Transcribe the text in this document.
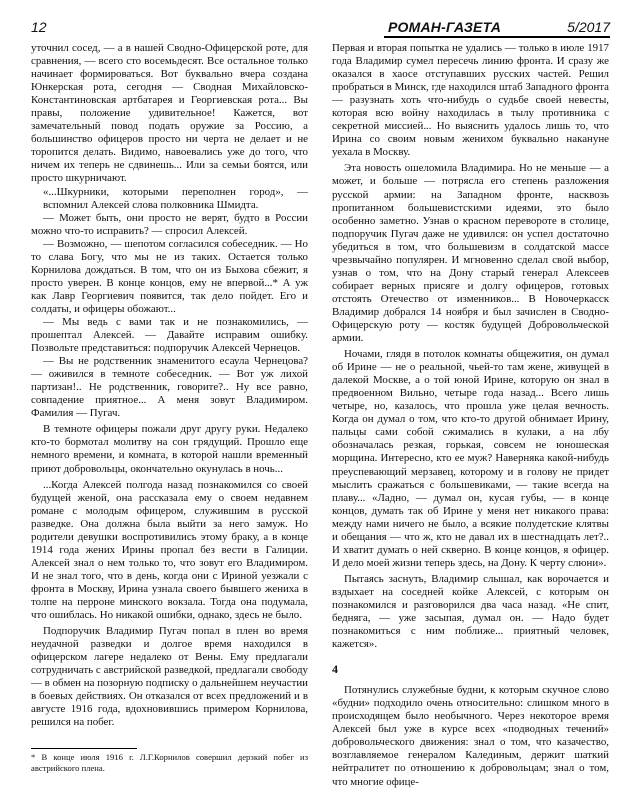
12	РОМАН-ГАЗЕТА	5/2017

уточнил сосед, — а в нашей Сводно-Офицерской роте, для сравнения, — всего сто восемьдесят. Все остальное только начинает формироваться. Вот буквально вчера создана Юнкерская рота, сегодня — Сводная Михайловско-Константиновская артбатарея и Георгиевская рота... Вы правы, положение удивительное! Кажется, вот замечательный повод подать оружие за Россию, а большинство офицеров просто ни черта не делает и не торопится делать. Видимо, навоевались уже до того, что ничем их теперь не сдвинешь... Или за семьи боятся, или просто шкурничают.

«...Шкурники, которыми переполнен город», — вспомнил Алексей слова полковника Шмидта.

— Может быть, они просто не верят, будто в России можно что-то исправить? — спросил Алексей.

— Возможно, — шепотом согласился собеседник. — Но то слава Богу, что мы не из таких. Остается только Корнилова дождаться. В том, что он из Быхова сбежит, я просто уверен. В конце концов, ему не впервой...* А уж как Лавр Георгиевич появится, так дело пойдет. Его и солдаты, и офицеры обожают...

— Мы ведь с вами так и не познакомились, — прошептал Алексей. — Давайте исправим ошибку. Позвольте представиться: подпоручик Алексей Чернецов.

— Вы не родственник знаменитого есаула Чернецова? — оживился в темноте собеседник. — Вот уж лихой партизан!.. Не родственник, говорите?.. Ну все равно, совпадение приятное... А меня зовут Владимиром. Фамилия — Пугач.

В темноте офицеры пожали друг другу руки. Недалеко кто-то бормотал молитву на сон грядущий. Прошло еще немного времени, и комната, в которой нашли временный приют добровольцы, окончательно окунулась в ночь...

...Когда Алексей полгода назад познакомился со своей будущей женой, она рассказала ему о своем недавнем романе с молодым офицером, служившим в русской разведке. Она должна была выйти за него замуж. Но родители девушки воспротивились этому браку, а в конце 1914 года жених Ирины пропал без вести в Галиции. Алексей знал о нем только то, что зовут его Владимиром. И не знал того, что в день, когда они с Ириной уезжали с фронта в Москву, Ирина узнала своего бывшего жениха в толпе на перроне минского вокзала. Тогда она подумала, что ошиблась. Но никакой ошибки, однако, здесь не было.

Подпоручик Владимир Пугач попал в плен во время неудачной разведки и долгое время находился в офицерском лагере недалеко от Вены. Ему предлагали сотрудничать с австрийской разведкой, предлагали свободу — в обмен на позорную подписку о дальнейшем неучастии в боевых действиях. Он отказался от всех предложений и в августе 1916 года, вдохновившись примером Корнилова, решился на побег.

Первая и вторая попытка не удались — только в июле 1917 года Владимир сумел пересечь линию фронта. И сразу же оказался в хаосе отступавших русских частей. Решил пробраться в Минск, где находился штаб Западного фронта — разузнать хоть что-нибудь о судьбе своей невесты, которая всю войну находилась в тылу противника с секретной миссией... Но выяснить удалось лишь то, что Ирина со своим новым женихом буквально накануне уехала в Москву.

Эта новость ошеломила Владимира. Но не меньше — а может, и больше — потрясла его степень разложения русской армии: на Западном фронте, насквозь пропитанном большевистскими идеями, это было особенно заметно. Узнав о красном перевороте в столице, подпоручик Пугач даже не удивился: он успел достаточно убедиться в том, что большевизм в солдатской массе чрезвычайно популярен. И мгновенно сделал свой выбор, узнав о том, что на Дону старый генерал Алексеев собирает верных присяге и долгу офицеров, готовых отстоять Отечество от изменников... В Новочеркасск Владимир добрался 14 ноября и был зачислен в Сводно-Офицерскую роту — костяк будущей Добровольческой армии.

Ночами, глядя в потолок комнаты общежития, он думал об Ирине — не о реальной, чьей-то там жене, живущей в далекой Москве, а о той юной Ирине, которую он знал в предвоенном Вильно, четыре года назад... Всего лишь четыре, но, казалось, что прошла уже целая вечность. Когда он думал о том, что кто-то другой обнимает Ирину, пальцы сами собой сжимались в кулаки, а на лбу обозначалась резкая, горькая, совсем не юношеская морщина. Интересно, кто ее муж? Наверняка какой-нибудь преуспевающий мерзавец, которому и в голову не придет мыслить сражаться с большевиками, — такие всегда на плаву... «Ладно, — думал он, кусая губы, — в конце концов, думать так об Ирине у меня нет никакого права: между нами ничего не было, а всякие полудетские клятвы и обещания — что ж, кто не давал их в шестнадцать лет?.. И хватит думать о ней скверно. В конце концов, я офицер. И дело моей жизни теперь здесь, на Дону. К черту слюни».

Пытаясь заснуть, Владимир слышал, как ворочается и вздыхает на соседней койке Алексей, с которым он познакомился и разговорился два часа назад. «Не спит, бедняга, — уже засыпая, думал он. — Надо будет познакомиться с ним поближе... приятный человек, кажется».

4

Потянулись служебные будни, к которым скучное слово «будни» подходило очень относительно: слишком много в происходящем было необычного. Через некоторое время Алексей был уже в курсе всех «подводных течений» добровольческого движения: знал о том, что казачество, возглавляемое генералом Калединым, держит шаткий нейтралитет по отношению к добровольцам; знал о том, что многие офице-

* В конце июля 1916 г. Л.Г.Корнилов совершил дерзкий побег из австрийского плена.
